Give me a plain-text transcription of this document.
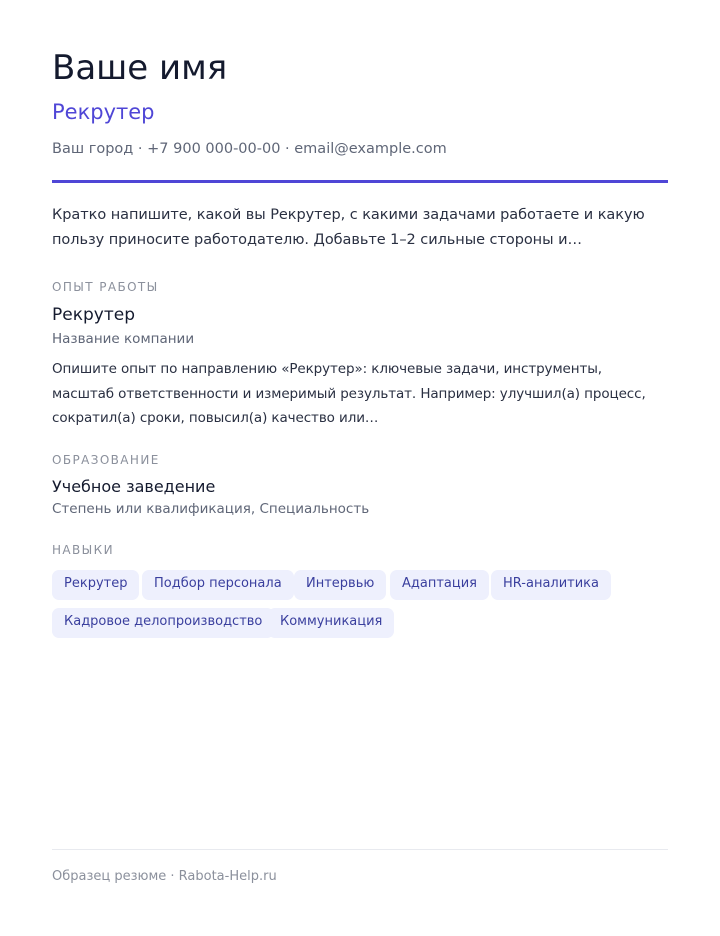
Ваше имя
Рекрутер
Ваш город · +7 900 000-00-00 · email@example.com
Кратко напишите, какой вы Рекрутер, с какими задачами работаете и какую пользу приносите работодателю. Добавьте 1–2 сильные стороны и…
ОПЫТ РАБОТЫ
Рекрутер
Название компании
Опишите опыт по направлению «Рекрутер»: ключевые задачи, инструменты, масштаб ответственности и измеримый результат. Например: улучшил(а) процесс, сократил(а) сроки, повысил(а) качество или…
ОБРАЗОВАНИЕ
Учебное заведение
Степень или квалификация, Специальность
НАВЫКИ
Рекрутер	Подбор персонала	Интервью	Адаптация	HR-аналитика
Кадровое делопроизводство	Коммуникация
Образец резюме · Rabota-Help.ru
